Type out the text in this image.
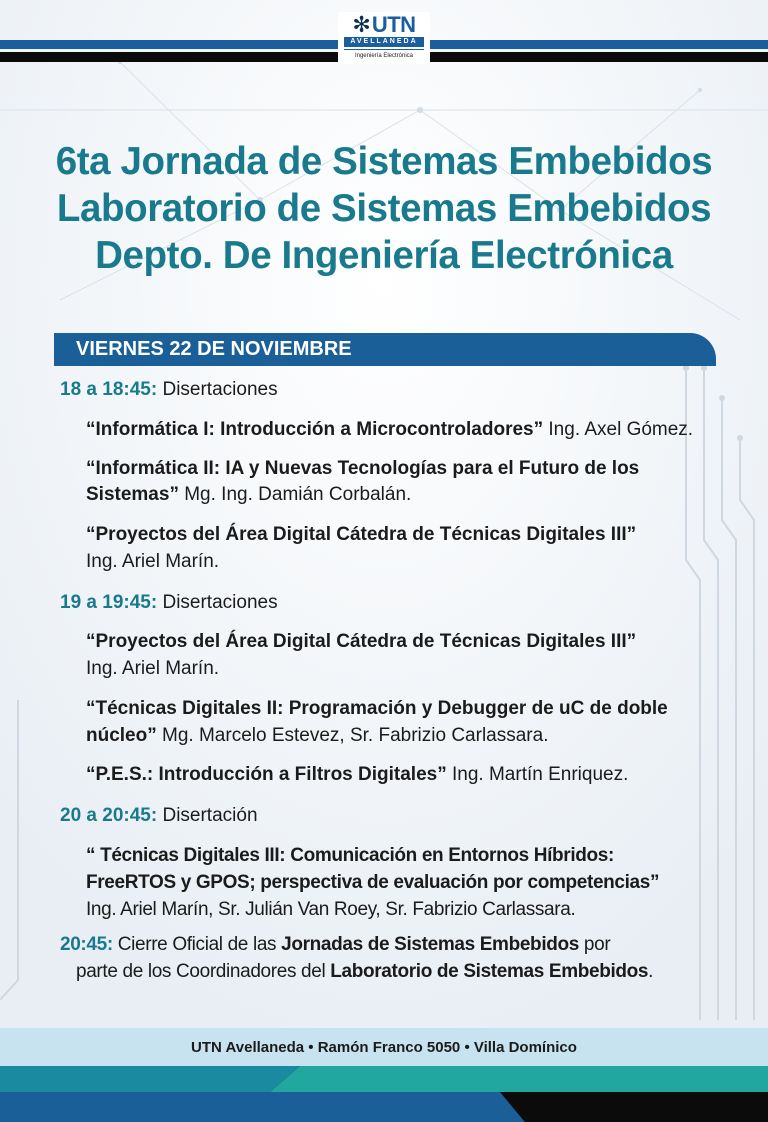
✻ UTN
AVELLANEDA
Ingeniería Electrónica
6ta Jornada de Sistemas Embebidos
Laboratorio de Sistemas Embebidos
Depto. De Ingeniería Electrónica
VIERNES 22 DE NOVIEMBRE
18 a 18:45: Disertaciones
“Informática I: Introducción a Microcontroladores” Ing. Axel Gómez.
“Informática II: IA y Nuevas Tecnologías para el Futuro de los
Sistemas” Mg. Ing. Damián Corbalán.
“Proyectos del Área Digital Cátedra de Técnicas Digitales III”
Ing. Ariel Marín.
19 a 19:45: Disertaciones
“Proyectos del Área Digital Cátedra de Técnicas Digitales III”
Ing. Ariel Marín.
“Técnicas Digitales II: Programación y Debugger de uC de doble
núcleo” Mg. Marcelo Estevez, Sr. Fabrizio Carlassara.
“P.E.S.: Introducción a Filtros Digitales” Ing. Martín Enriquez.
20 a 20:45: Disertación
“ Técnicas Digitales III: Comunicación en Entornos Híbridos:
FreeRTOS y GPOS; perspectiva de evaluación por competencias”
Ing. Ariel Marín, Sr. Julián Van Roey, Sr. Fabrizio Carlassara.
20:45: Cierre Oficial de las Jornadas de Sistemas Embebidos por
parte de los Coordinadores del Laboratorio de Sistemas Embebidos.
UTN Avellaneda • Ramón Franco 5050 • Villa Domínico
